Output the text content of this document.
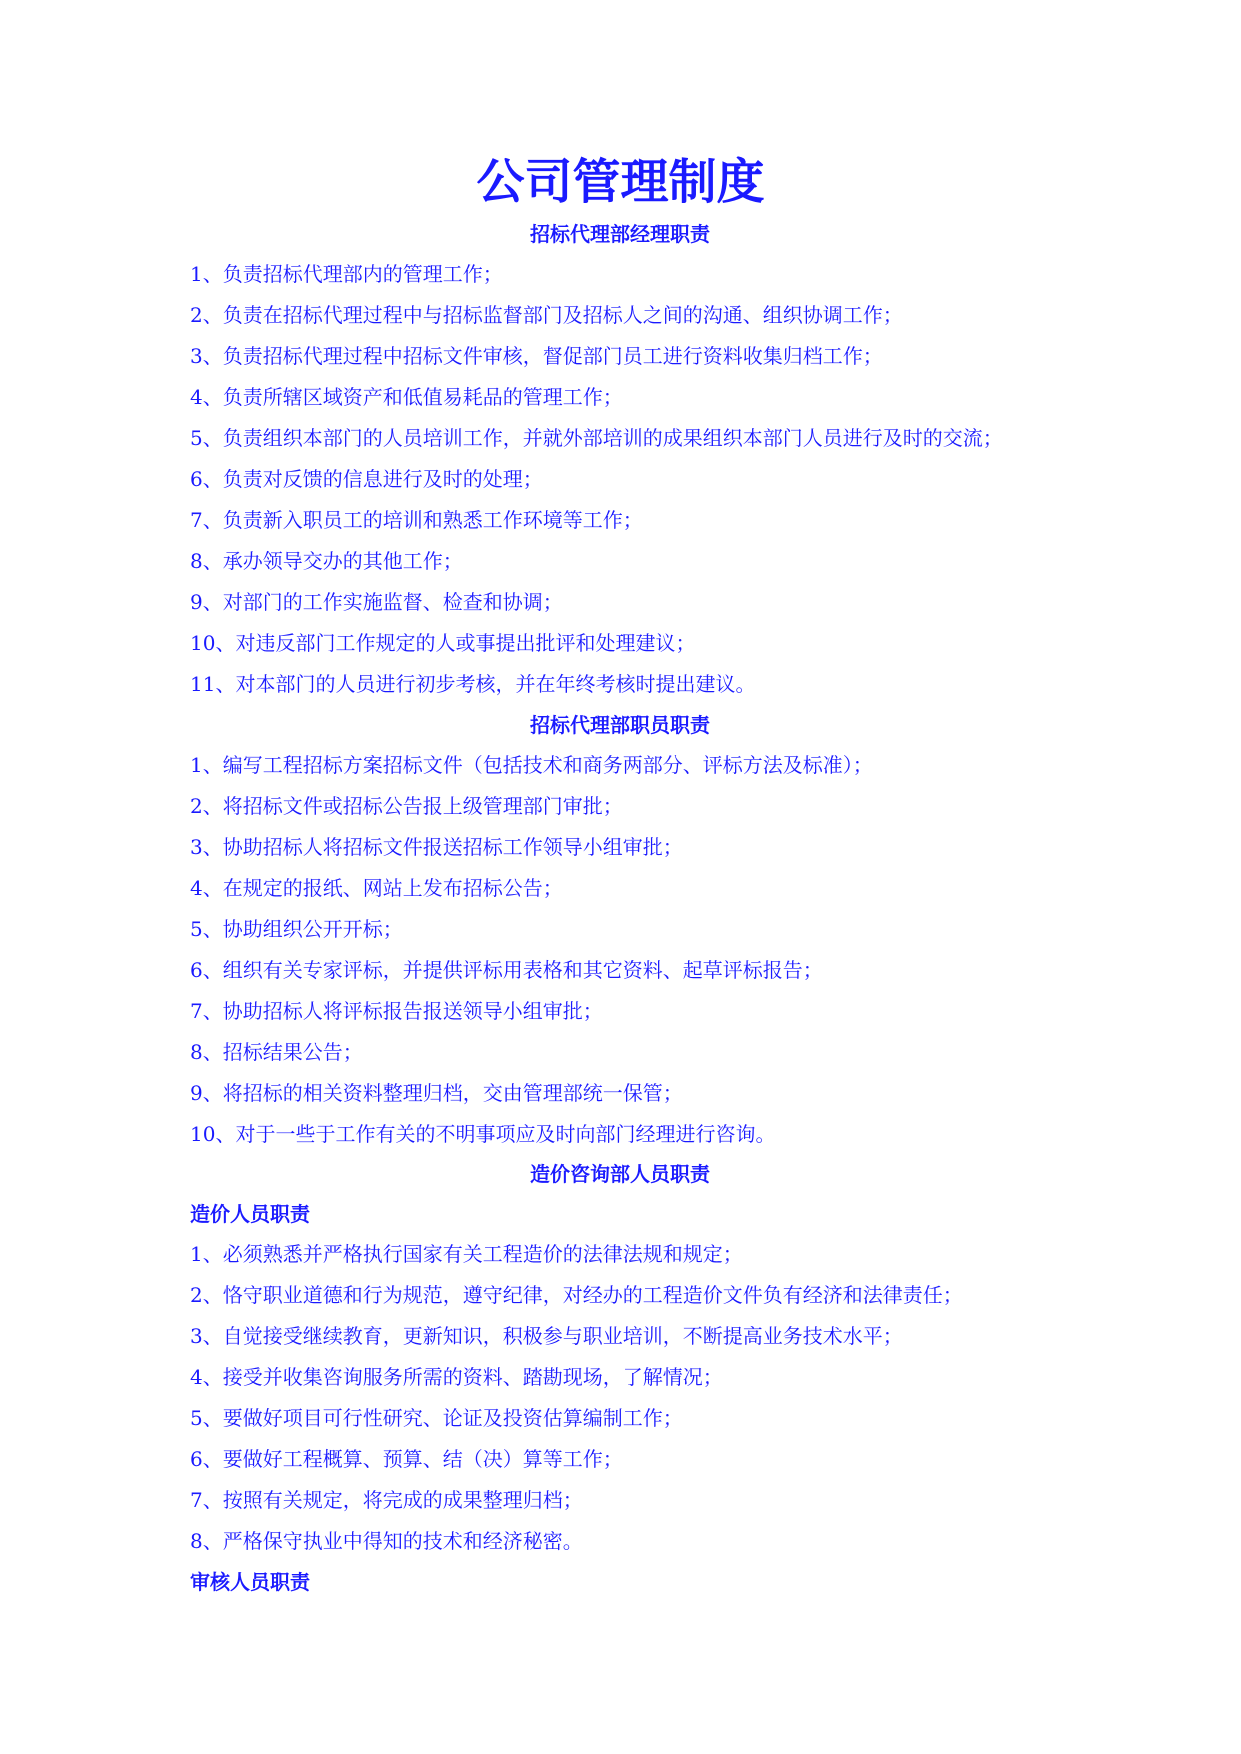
公司管理制度
招标代理部经理职责
1、负责招标代理部内的管理工作；
2、负责在招标代理过程中与招标监督部门及招标人之间的沟通、组织协调工作；
3、负责招标代理过程中招标文件审核，督促部门员工进行资料收集归档工作；
4、负责所辖区域资产和低值易耗品的管理工作；
5、负责组织本部门的人员培训工作，并就外部培训的成果组织本部门人员进行及时的交流；
6、负责对反馈的信息进行及时的处理；
7、负责新入职员工的培训和熟悉工作环境等工作；
8、承办领导交办的其他工作；
9、对部门的工作实施监督、检查和协调；
10、对违反部门工作规定的人或事提出批评和处理建议；
11、对本部门的人员进行初步考核，并在年终考核时提出建议。
招标代理部职员职责
1、编写工程招标方案招标文件（包括技术和商务两部分、评标方法及标准）；
2、将招标文件或招标公告报上级管理部门审批；
3、协助招标人将招标文件报送招标工作领导小组审批；
4、在规定的报纸、网站上发布招标公告；
5、协助组织公开开标；
6、组织有关专家评标，并提供评标用表格和其它资料、起草评标报告；
7、协助招标人将评标报告报送领导小组审批；
8、招标结果公告；
9、将招标的相关资料整理归档，交由管理部统一保管；
10、对于一些于工作有关的不明事项应及时向部门经理进行咨询。
造价咨询部人员职责
造价人员职责
1、必须熟悉并严格执行国家有关工程造价的法律法规和规定；
2、恪守职业道德和行为规范，遵守纪律，对经办的工程造价文件负有经济和法律责任；
3、自觉接受继续教育，更新知识，积极参与职业培训，不断提高业务技术水平；
4、接受并收集咨询服务所需的资料、踏勘现场，了解情况；
5、要做好项目可行性研究、论证及投资估算编制工作；
6、要做好工程概算、预算、结（决）算等工作；
7、按照有关规定，将完成的成果整理归档；
8、严格保守执业中得知的技术和经济秘密。
审核人员职责
